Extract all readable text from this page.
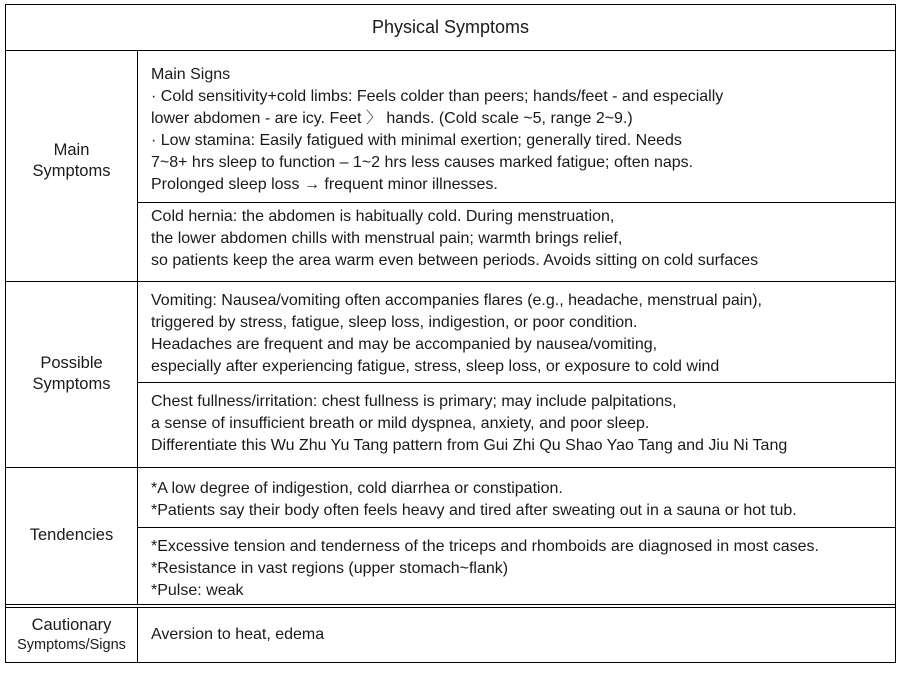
Physical Symptoms
Main
Symptoms
Main Signs
· Cold sensitivity+cold limbs: Feels colder than peers; hands/feet - and especially
lower abdomen - are icy. Feet 〉 hands. (Cold scale ~5, range 2~9.)
· Low stamina: Easily fatigued with minimal exertion; generally tired. Needs
7~8+ hrs sleep to function – 1~2 hrs less causes marked fatigue; often naps.
Prolonged sleep loss → frequent minor illnesses.
Cold hernia: the abdomen is habitually cold. During menstruation,
the lower abdomen chills with menstrual pain; warmth brings relief,
so patients keep the area warm even between periods. Avoids sitting on cold surfaces
Possible
Symptoms
Vomiting: Nausea/vomiting often accompanies flares (e.g., headache, menstrual pain),
triggered by stress, fatigue, sleep loss, indigestion, or poor condition.
Headaches are frequent and may be accompanied by nausea/vomiting,
especially after experiencing fatigue, stress, sleep loss, or exposure to cold wind
Chest fullness/irritation: chest fullness is primary; may include palpitations,
a sense of insufficient breath or mild dyspnea, anxiety, and poor sleep.
Differentiate this Wu Zhu Yu Tang pattern from Gui Zhi Qu Shao Yao Tang and Jiu Ni Tang
Tendencies
*A low degree of indigestion, cold diarrhea or constipation.
*Patients say their body often feels heavy and tired after sweating out in a sauna or hot tub.
*Excessive tension and tenderness of the triceps and rhomboids are diagnosed in most cases.
*Resistance in vast regions (upper stomach~flank)
*Pulse: weak
Cautionary
Symptoms/Signs
Aversion to heat, edema
